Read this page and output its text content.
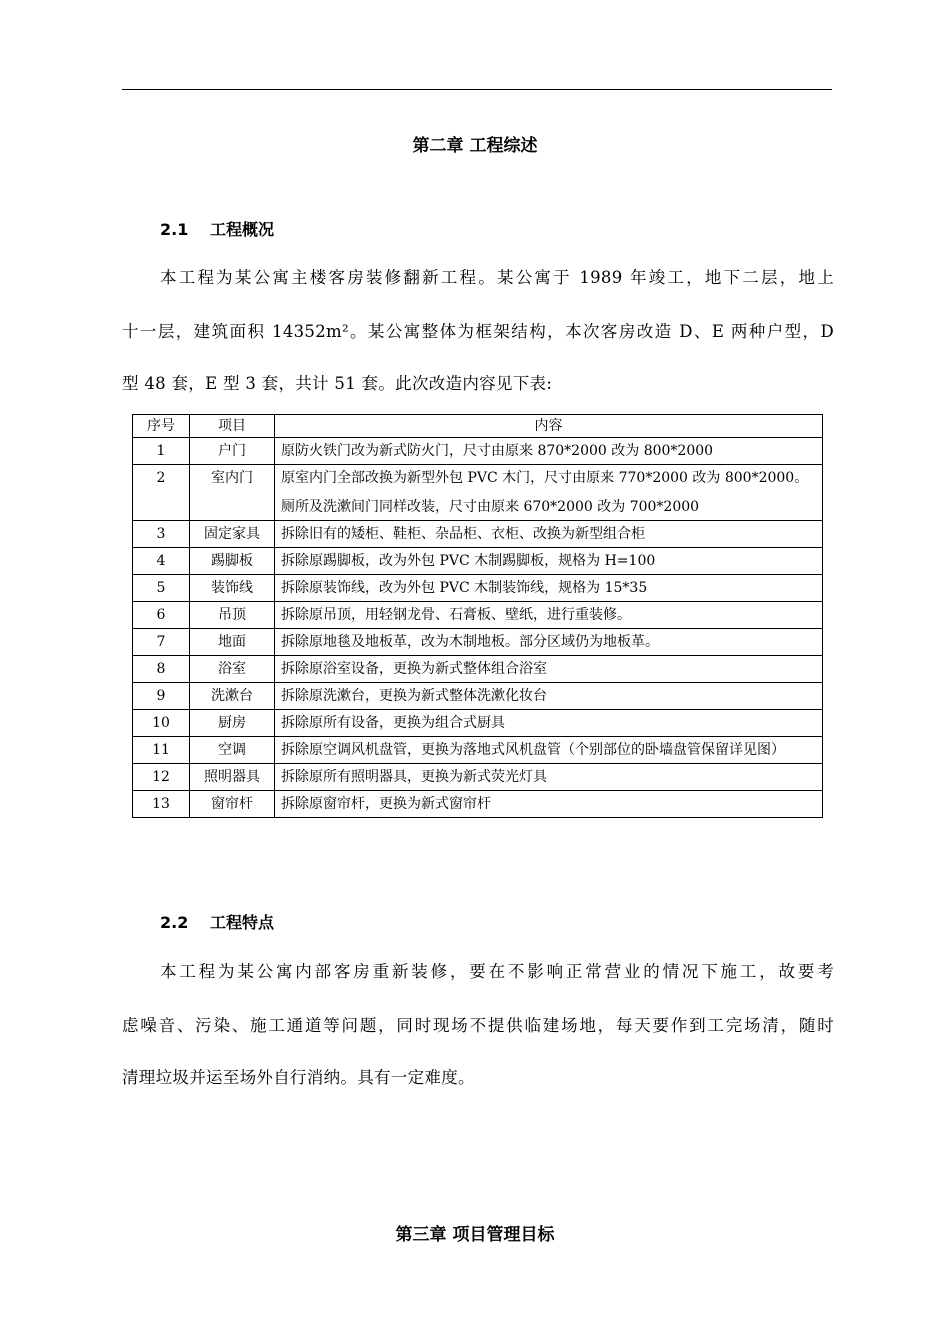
第二章 工程综述
2.1 工程概况
本工程为某公寓主楼客房装修翻新工程。某公寓于 1989 年竣工，地下二层，地上
十一层，建筑面积 14352m²。某公寓整体为框架结构，本次客房改造 D、E 两种户型，D
型 48 套，E 型 3 套，共计 51 套。此次改造内容见下表:
序号	项目	内容
1	户门	原防火铁门改为新式防火门，尺寸由原来 870*2000 改为 800*2000

2	室内门	原室内门全部改换为新型外包 PVC 木门，尺寸由原来 770*2000 改为 800*2000。
厕所及洗漱间门同样改装，尺寸由原来 670*2000 改为 700*2000

3	固定家具	拆除旧有的矮柜、鞋柜、杂品柜、衣柜、改换为新型组合柜

4	踢脚板	拆除原踢脚板，改为外包 PVC 木制踢脚板，规格为 H=100

5	装饰线	拆除原装饰线，改为外包 PVC 木制装饰线，规格为 15*35

6	吊顶	拆除原吊顶，用轻钢龙骨、石膏板、壁纸，进行重装修。

7	地面	拆除原地毯及地板革，改为木制地板。部分区域仍为地板革。

8	浴室	拆除原浴室设备，更换为新式整体组合浴室

9	洗漱台	拆除原洗漱台，更换为新式整体洗漱化妆台

10	厨房	拆除原所有设备，更换为组合式厨具

11	空调	拆除原空调风机盘管，更换为落地式风机盘管（个别部位的卧墙盘管保留详见图）

12	照明器具	拆除原所有照明器具，更换为新式荧光灯具

13	窗帘杆	拆除原窗帘杆，更换为新式窗帘杆
2.2 工程特点
本工程为某公寓内部客房重新装修，要在不影响正常营业的情况下施工，故要考
虑噪音、污染、施工通道等问题，同时现场不提供临建场地，每天要作到工完场清，随时
清理垃圾并运至场外自行消纳。具有一定难度。
第三章 项目管理目标
